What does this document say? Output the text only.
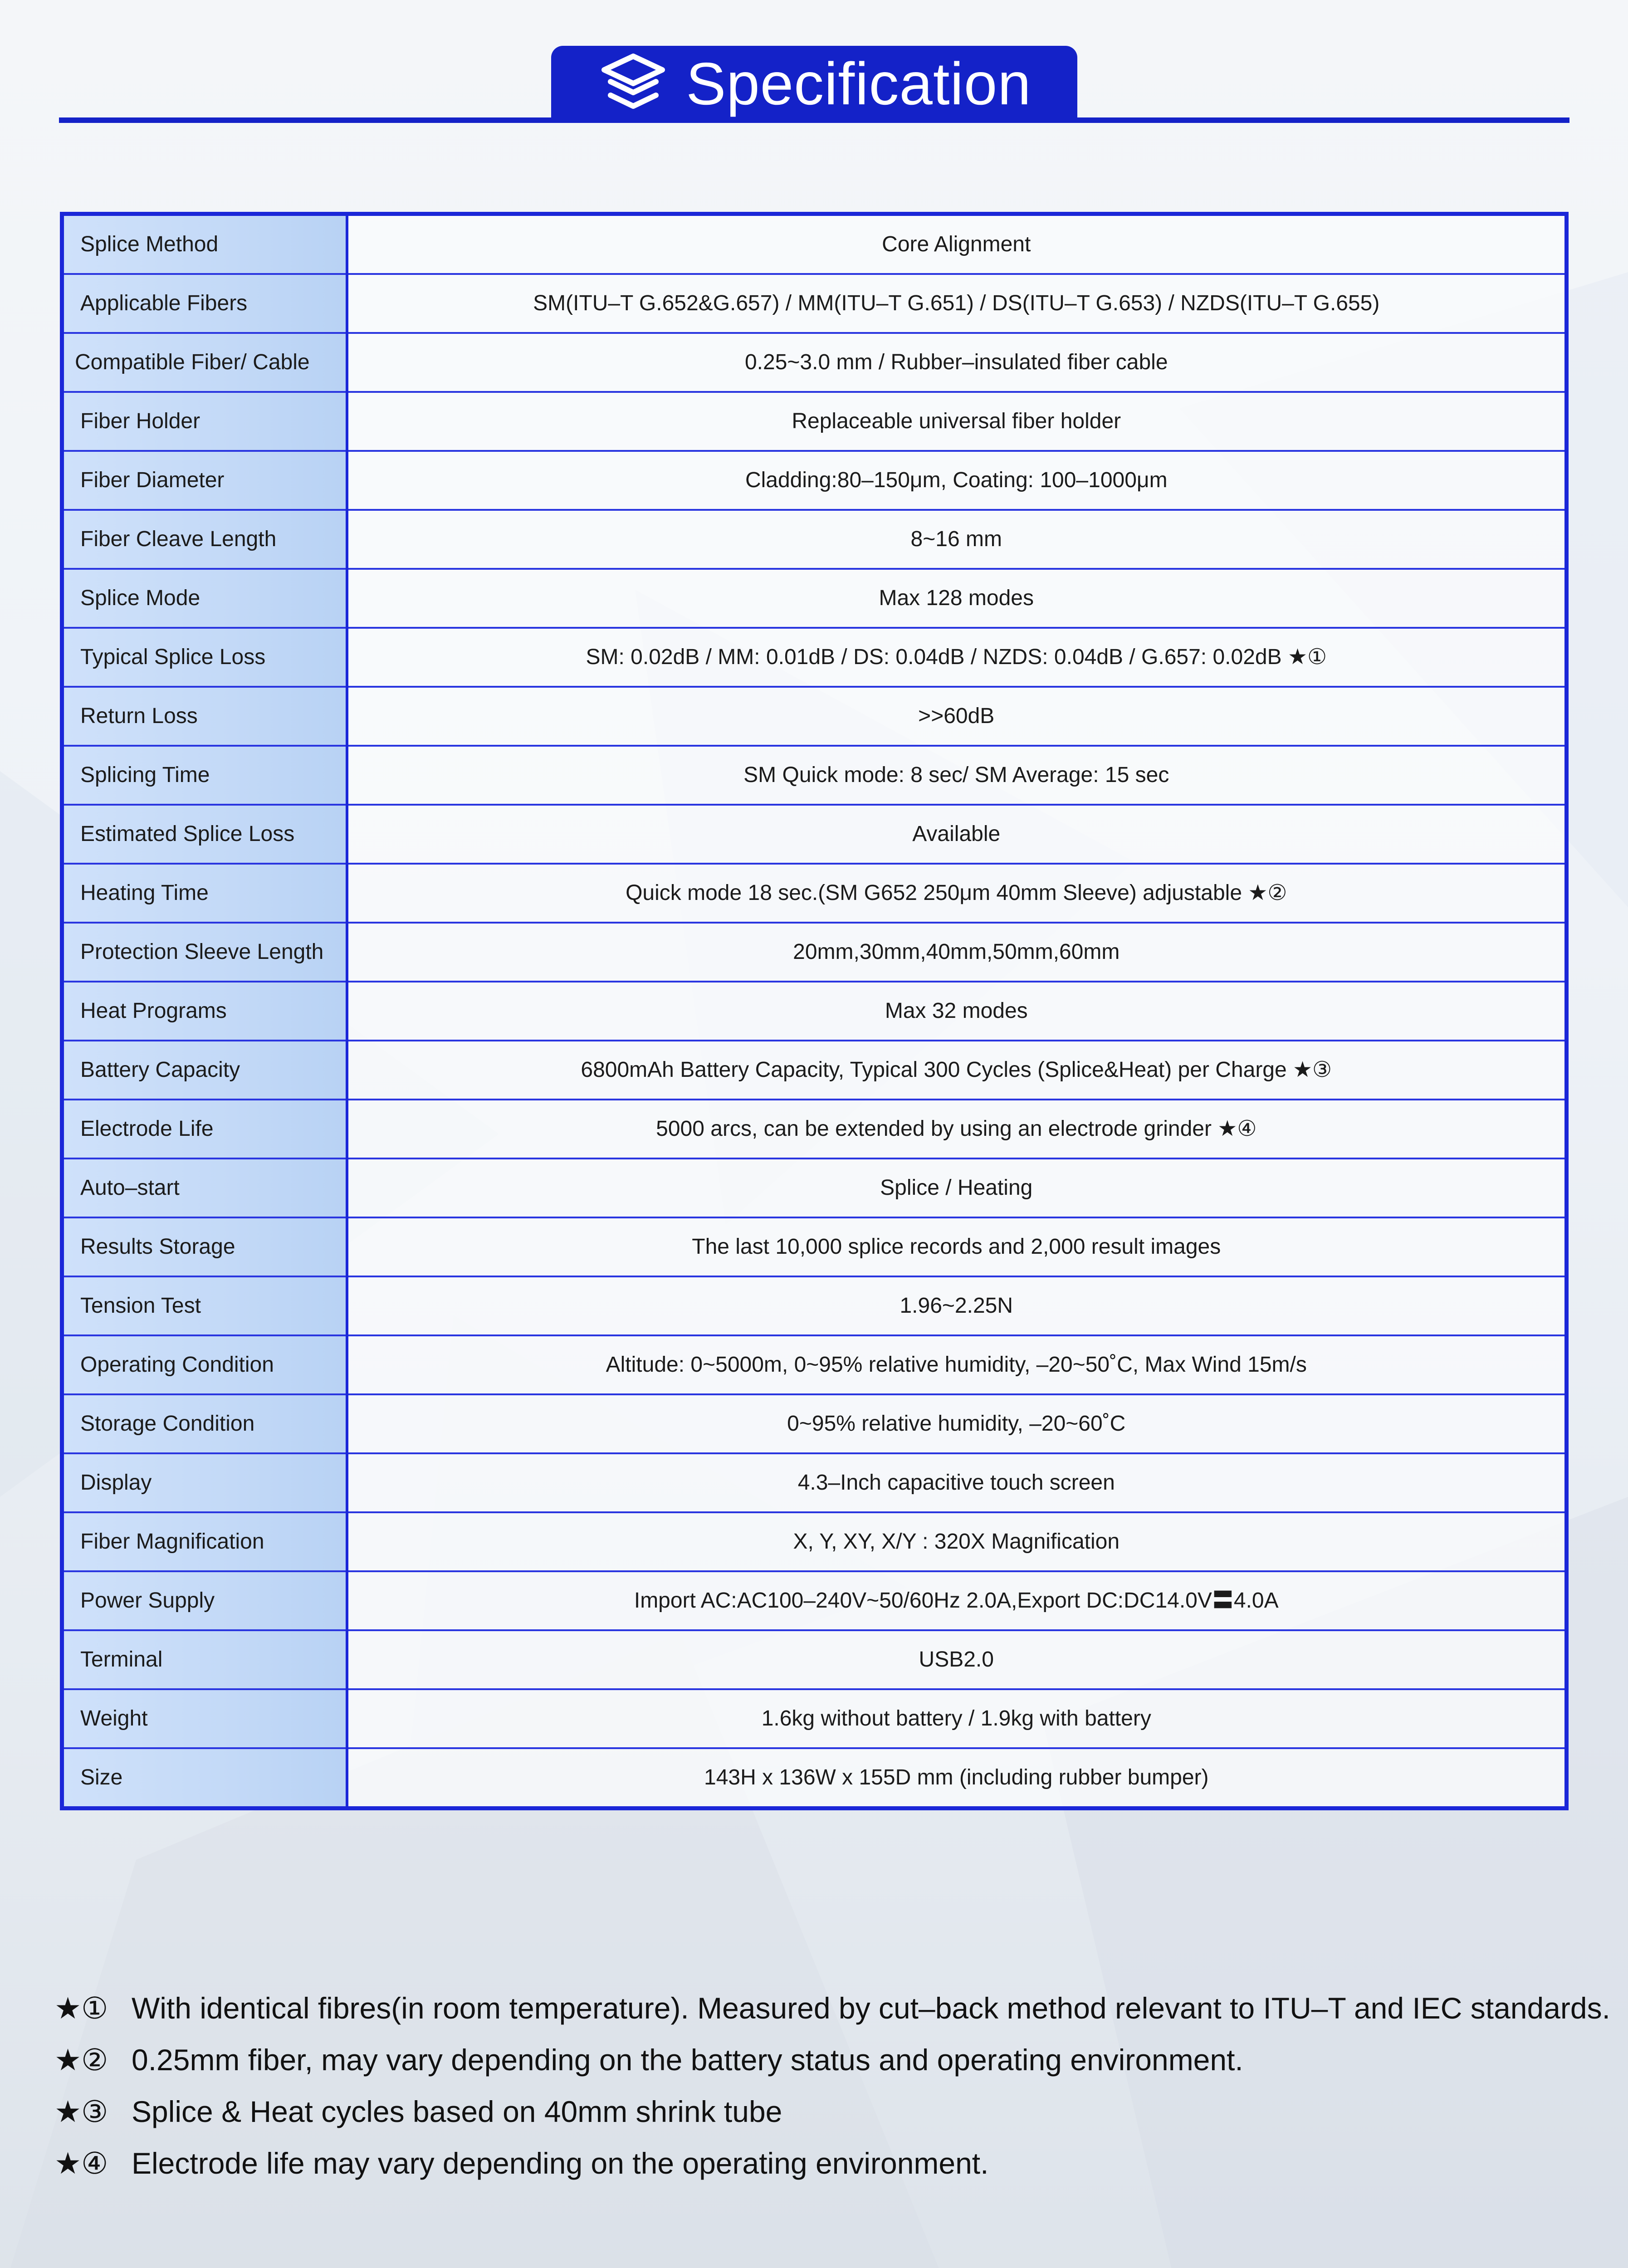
Specification
Splice Method	Core Alignment
Applicable Fibers	SM(ITU–T G.652&G.657) / MM(ITU–T G.651) / DS(ITU–T G.653) / NZDS(ITU–T G.655)
Compatible Fiber/ Cable	0.25~3.0 mm / Rubber–insulated fiber cable
Fiber Holder	Replaceable universal fiber holder
Fiber Diameter	Cladding:80–150μm, Coating: 100–1000μm
Fiber Cleave Length	8~16 mm
Splice Mode	Max 128 modes
Typical Splice Loss	SM: 0.02dB / MM: 0.01dB / DS: 0.04dB / NZDS: 0.04dB / G.657: 0.02dB ★①
Return Loss	>>60dB
Splicing Time	SM Quick mode: 8 sec/ SM Average: 15 sec
Estimated Splice Loss	Available
Heating Time	Quick mode 18 sec.(SM G652 250μm 40mm Sleeve) adjustable ★②
Protection Sleeve Length	20mm,30mm,40mm,50mm,60mm
Heat Programs	Max 32 modes
Battery Capacity	6800mAh Battery Capacity, Typical 300 Cycles (Splice&Heat) per Charge ★③
Electrode Life	5000 arcs, can be extended by using an electrode grinder ★④
Auto–start	Splice / Heating
Results Storage	The last 10,000 splice records and 2,000 result images
Tension Test	1.96~2.25N
Operating Condition	Altitude: 0~5000m, 0~95% relative humidity, –20~50˚C, Max Wind 15m/s
Storage Condition	0~95% relative humidity, –20~60˚C
Display	4.3–Inch capacitive touch screen
Fiber Magnification	X, Y, XY, X/Y : 320X Magnification
Power Supply	Import AC:AC100–240V~50/60Hz 2.0A,Export DC:DC14.0V〓4.0A
Terminal	USB2.0
Weight	1.6kg without battery / 1.9kg with battery
Size	143H x 136W x 155D mm (including rubber bumper)
★① With identical fibres(in room temperature). Measured by cut–back method relevant to ITU–T and IEC standards.
★② 0.25mm fiber, may vary depending on the battery status and operating environment.
★③ Splice & Heat cycles based on 40mm shrink tube
★④ Electrode life may vary depending on the operating environment.
